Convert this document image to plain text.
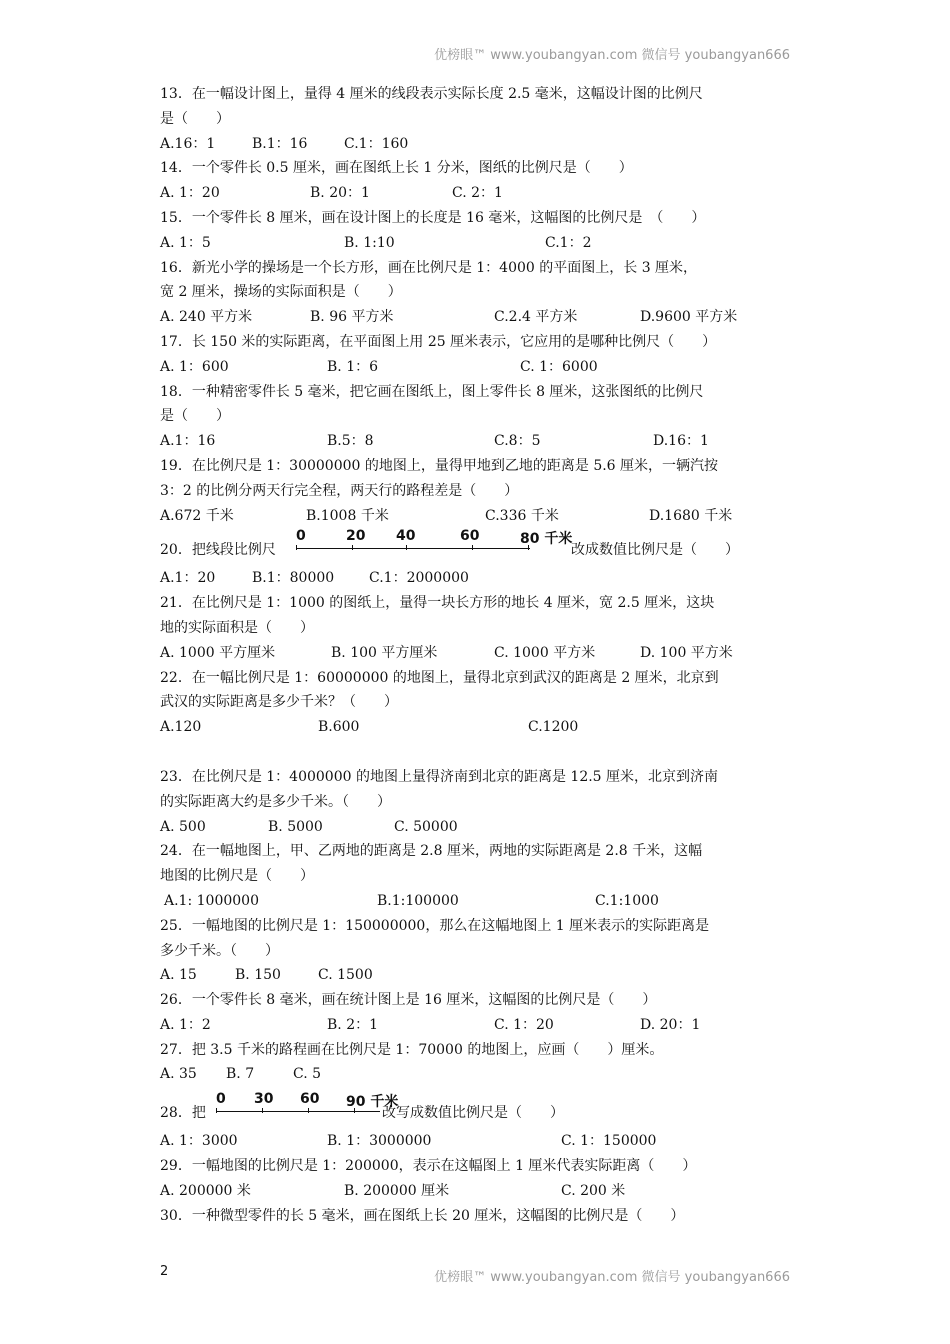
优榜眼™ www.youbangyan.com 微信号 youbangyan666
13．在一幅设计图上，量得 4 厘米的线段表示实际长度 2.5 毫米，这幅设计图的比例尺
是（　　）
A.16：1	B.1：16	C.1：160
14．一个零件长 0.5 厘米，画在图纸上长 1 分米，图纸的比例尺是（　　）
A. 1：20	B. 20：1	C. 2：1
15．一个零件长 8 厘米，画在设计图上的长度是 16 毫米，这幅图的比例尺是　（　　）
A. 1：5	B. 1:10	C.1：2
16．新光小学的操场是一个长方形，画在比例尺是 1：4000 的平面图上，长 3 厘米，
宽 2 厘米，操场的实际面积是（　　）
A. 240 平方米	B. 96 平方米	C.2.4 平方米	D.9600 平方米
17．长 150 米的实际距离，在平面图上用 25 厘米表示，它应用的是哪种比例尺（　　）
A. 1：600	B. 1：6	C. 1：6000
18．一种精密零件长 5 毫米，把它画在图纸上，图上零件长 8 厘米，这张图纸的比例尺
是（　　）
A.1：16	B.5：8	C.8：5	D.16：1
19．在比例尺是 1：30000000 的地图上，量得甲地到乙地的距离是 5.6 厘米，一辆汽按
3：2 的比例分两天行完全程，两天行的路程差是（　　）
A.672 千米	B.1008 千米	C.336 千米	D.1680 千米
20．把线段比例尺
0	20 40	60	80 千米
改成数值比例尺是（　　）
A.1：20	B.1：80000 C.1：2000000
21．在比例尺是 1：1000 的图纸上，量得一块长方形的地长 4 厘米，宽 2.5 厘米，这块
地的实际面积是（　　）
A. 1000 平方厘米	B. 100 平方厘米	C. 1000 平方米	D. 100 平方米
22．在一幅比例尺是 1：60000000 的地图上，量得北京到武汉的距离是 2 厘米，北京到
武汉的实际距离是多少千米？（　　）
A.120	B.600	C.1200
23．在比例尺是 1：4000000 的地图上量得济南到北京的距离是 12.5 厘米，北京到济南
的实际距离大约是多少千米。（　　）
A. 500	B. 5000	C. 50000
24．在一幅地图上，甲、乙两地的距离是 2.8 厘米，两地的实际距离是 2.8 千米，这幅
地图的比例尺是（　　）
A.1: 1000000	B.1:100000	C.1:1000
25．一幅地图的比例尺是 1：150000000，那么在这幅地图上 1 厘米表示的实际距离是
多少千米。（　　）
A. 15	B. 150	C. 1500
26．一个零件长 8 毫米，画在统计图上是 16 厘米，这幅图的比例尺是（　　）
A. 1：2	B. 2：1	C. 1：20	D. 20：1
27．把 3.5 千米的路程画在比例尺是 1：70000 的地图上，应画（　　）厘米。
A. 35 B. 7	C. 5
28．把
0 30 60 90 千米
改写成数值比例尺是（　　）
A. 1：3000	B. 1：3000000	C. 1：150000
29．一幅地图的比例尺是 1：200000，表示在这幅图上 1 厘米代表实际距离（　　）
A. 200000 米	B. 200000 厘米	C. 200 米
30．一种微型零件的长 5 毫米，画在图纸上长 20 厘米，这幅图的比例尺是（　　）
2	优榜眼™ www.youbangyan.com 微信号 youbangyan666
